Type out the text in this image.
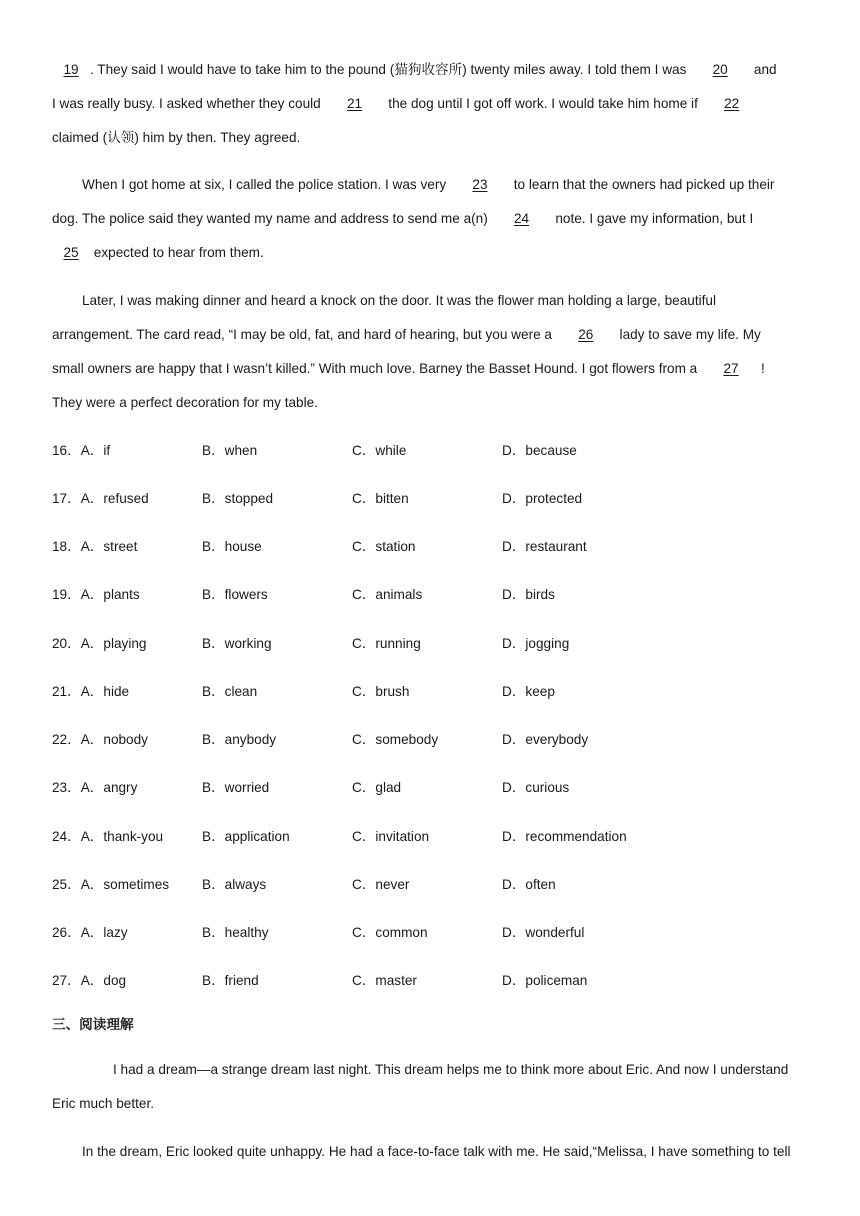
19 . They said I would have to take him to the pound (猫狗收容所) twenty miles away. I told them I was 20 and
I was really busy. I asked whether they could 21 the dog until I got off work. I would take him home if 22
claimed (认领) him by then. They agreed.
When I got home at six, I called the police station. I was very 23 to learn that the owners had picked up their
dog. The police said they wanted my name and address to send me a(n) 24 note. I gave my information, but I
25 expected to hear from them.
Later, I was making dinner and heard a knock on the door. It was the flower man holding a large, beautiful
arrangement. The card read, “I may be old, fat, and hard of hearing, but you were a 26 lady to save my life. My
small owners are happy that I wasn’t killed.” With much love. Barney the Basset Hound. I got flowers from a 27 !
They were a perfect decoration for my table.
16．A．if	B．when	C．while	D．because
17．A．refused	B．stopped	C．bitten	D．protected
18．A．street	B．house	C．station	D．restaurant
19．A．plants	B．flowers	C．animals	D．birds
20．A．playing	B．working	C．running	D．jogging
21．A．hide	B．clean	C．brush	D．keep
22．A．nobody	B．anybody	C．somebody	D．everybody
23．A．angry	B．worried	C．glad	D．curious
24．A．thank-you	B．application	C．invitation	D．recommendation
25．A．sometimes B．always	C．never	D．often
26．A．lazy	B．healthy	C．common	D．wonderful
27．A．dog	B．friend	C．master	D．policeman
三、阅读理解
I had a dream—a strange dream last night. This dream helps me to think more about Eric. And now I understand
Eric much better.
In the dream, Eric looked quite unhappy. He had a face-to-face talk with me. He said,“Melissa, I have something to tell
